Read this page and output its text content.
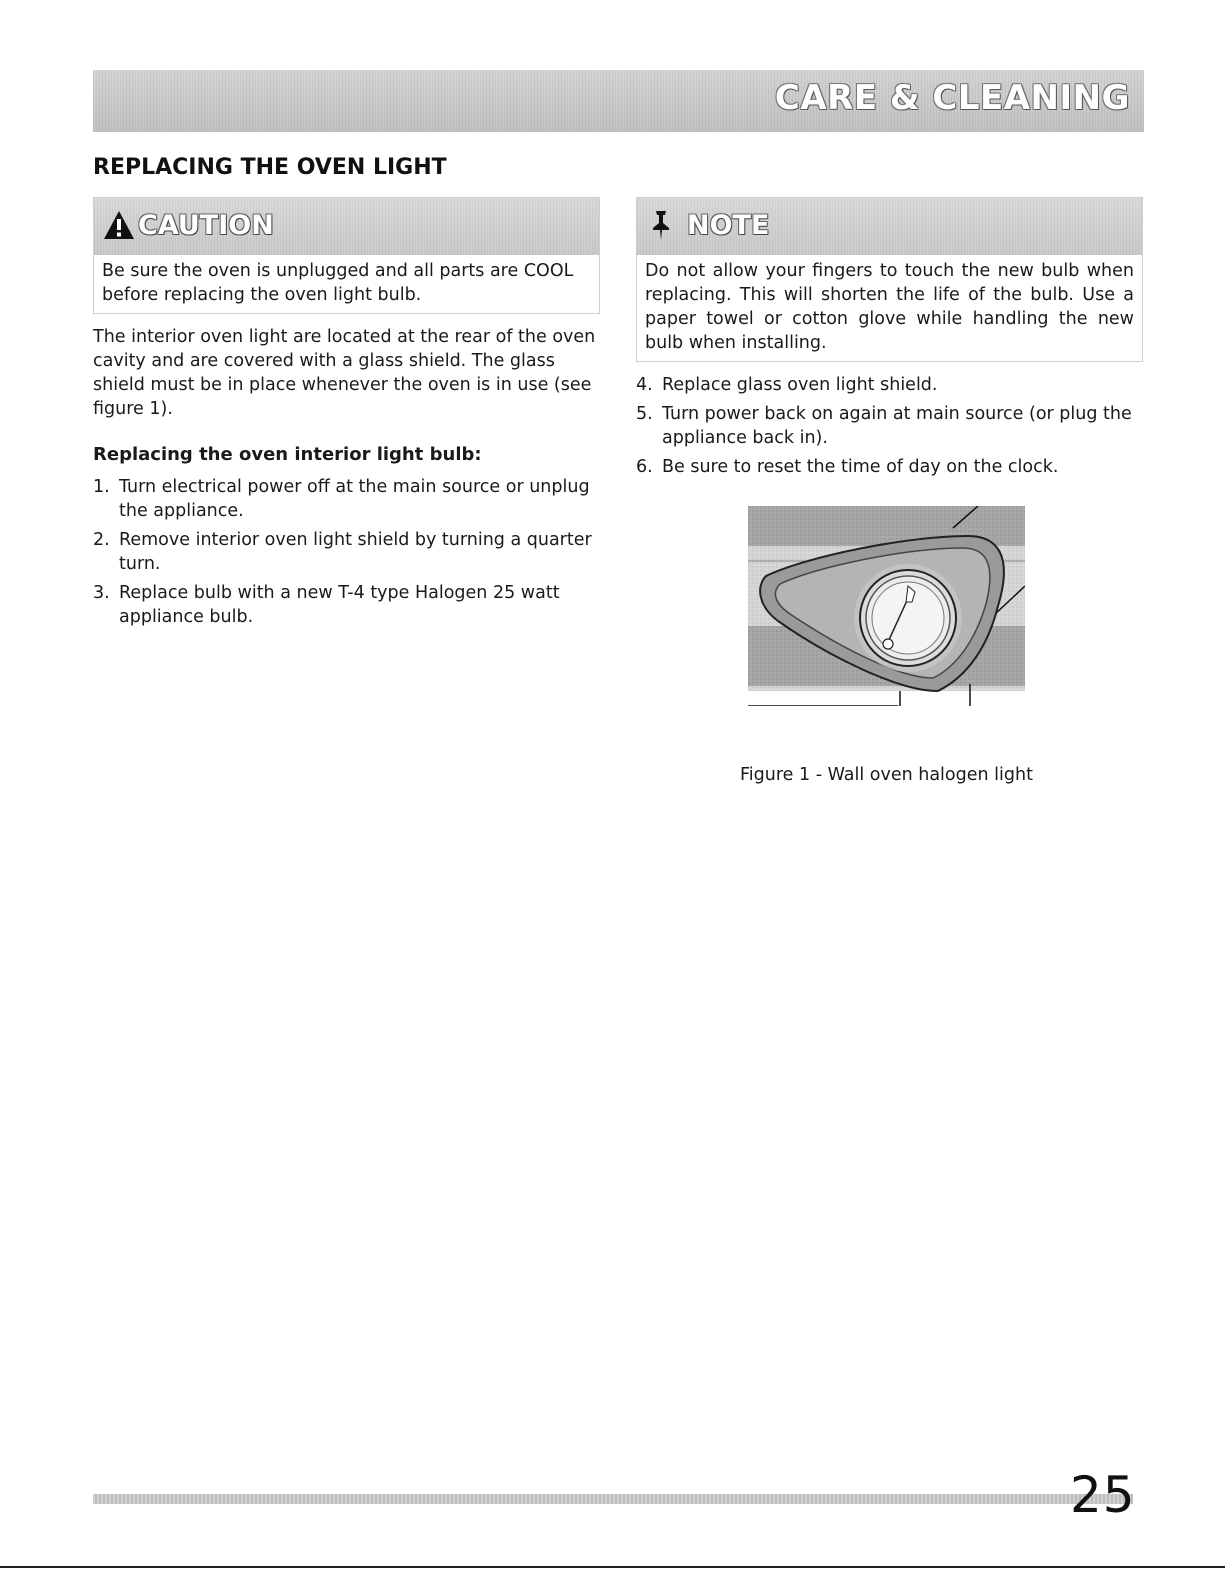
CARE & CLEANING
REPLACING THE OVEN LIGHT
CAUTION
Be sure the oven is unplugged and all parts are COOL before replacing the oven light bulb.
The interior oven light are located at the rear of the oven cavity and are covered with a glass shield. The glass shield must be in place whenever the oven is in use (see figure 1).
Replacing the oven interior light bulb:
1. Turn electrical power off at the main source or unplug the appliance.
2. Remove interior oven light shield by turning a quarter turn.
3. Replace bulb with a new T-4 type Halogen 25 watt appliance bulb.
NOTE
Do not allow your fingers to touch the new bulb when replacing. This will shorten the life of the bulb. Use a paper towel or cotton glove while handling the new bulb when installing.
4. Replace glass oven light shield.
5. Turn power back on again at main source (or plug the appliance back in).
6. Be sure to reset the time of day on the clock.
Figure 1 - Wall oven halogen light
25
